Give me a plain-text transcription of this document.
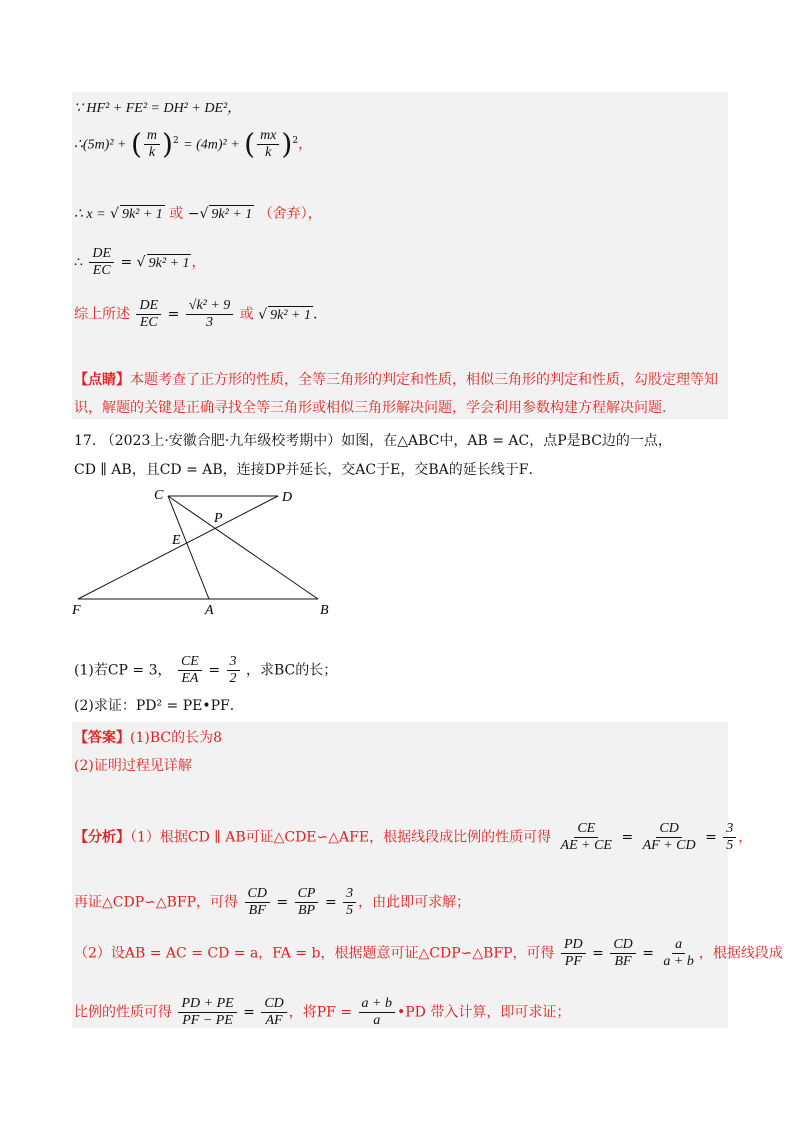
∵ HF² + FE² = DH² + DE²，
∴(5m)² + ( $\frac{m}{k} )^2 = (4m)^2$ + ( $\frac{mx}{k} )^2$，
∴ x = √ 9k² + 1 或 −√ 9k² + 1 （舍弃），
∴ $\frac{DE}{EC}$ = √ 9k² + 1 ，
综上所述 $\frac{DE}{EC} = \frac{\text{√k² + 9}}{3}$ 或 √ 9k² + 1 .
【点睛】本题考查了正方形的性质，全等三角形的判定和性质，相似三角形的判定和性质，勾股定理等知
识，解题的关键是正确寻找全等三角形或相似三角形解决问题，学会利用参数构建方程解决问题.
17. （2023上·安徽合肥·九年级校考期中）如图，在△ABC中，AB = AC，点P是BC边的一点，
CD ∥ AB，且CD = AB，连接DP并延长，交AC于E，交BA的延长线于F．
C	D
P
E
F	A	B
(1)若CP = 3， $\frac{CE}{EA} = \frac{3}{2}$ ，求BC的长；
(2)求证：PD² = PE•PF．
【答案】(1)BC的长为8
(2)证明过程见详解
【分析】（1）根据CD ∥ AB可证△CDE∽△AFE，根据线段成比例的性质可得 $\frac{CE}{AE + CE} = \frac{CD}{AF + CD} = \frac{3}{5}$ ，
再证△CDP∽△BFP，可得 $\frac{CD}{BF} = \frac{CP}{BP} = \frac{3}{5}$ ，由此即可求解；
（2）设AB = AC = CD = a，FA = b，根据题意可证△CDP∽△BFP，可得 $\frac{PD}{PF} = \frac{CD}{BF} = \frac{a}{a + b}$ ，根据线段成
比例的性质可得 $\frac{PD + PE}{PF - PE} = \frac{CD}{AF}$ ，将PF = $\frac{a + b}{a}$ •PD 带入计算，即可求证；
